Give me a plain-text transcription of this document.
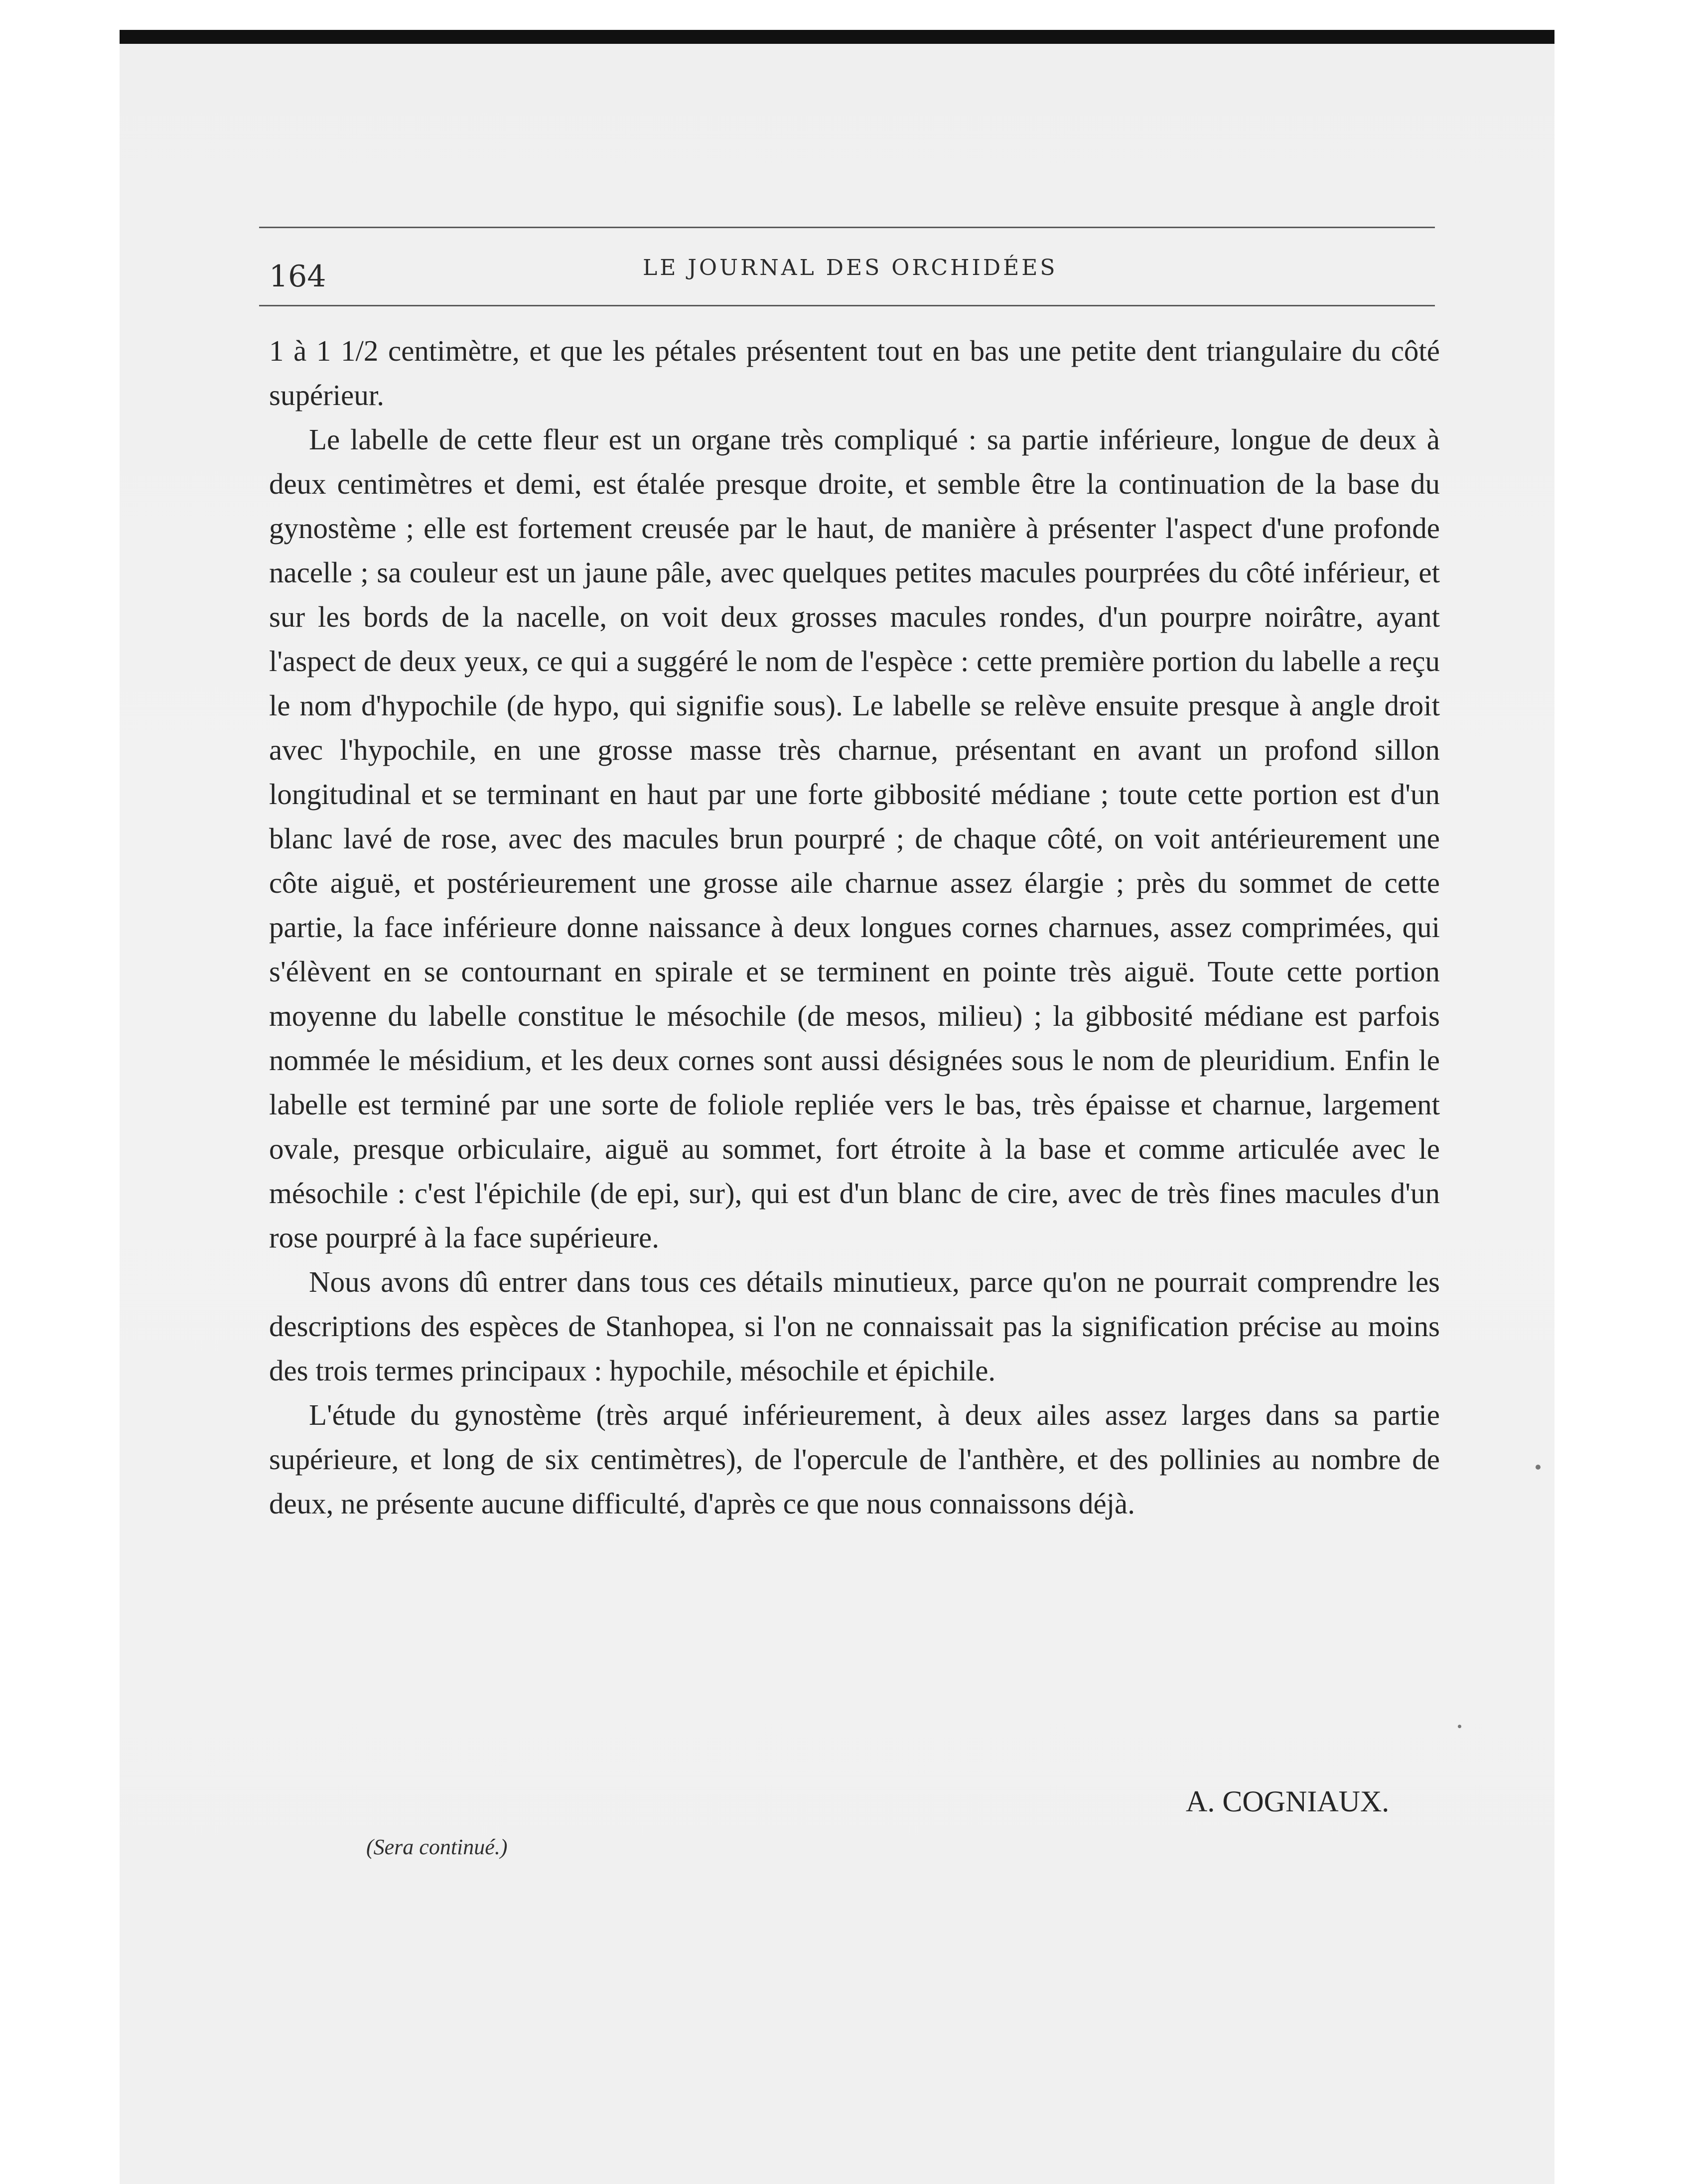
164	LE JOURNAL DES ORCHIDÉES

1 à 1 1/2 centimètre, et que les pétales présentent tout en bas une petite dent triangulaire du côté supérieur.

Le labelle de cette fleur est un organe très compliqué : sa partie inférieure, longue de deux à deux centimètres et demi, est étalée presque droite, et semble être la continuation de la base du gynostème ; elle est fortement creusée par le haut, de manière à présenter l'aspect d'une profonde nacelle ; sa couleur est un jaune pâle, avec quelques petites macules pourprées du côté inférieur, et sur les bords de la nacelle, on voit deux grosses macules rondes, d'un pourpre noirâtre, ayant l'aspect de deux yeux, ce qui a suggéré le nom de l'espèce : cette première portion du labelle a reçu le nom d'hypochile (de hypo, qui signifie sous). Le labelle se relève ensuite presque à angle droit avec l'hypochile, en une grosse masse très charnue, présentant en avant un profond sillon longitudinal et se terminant en haut par une forte gibbosité médiane ; toute cette portion est d'un blanc lavé de rose, avec des macules brun pourpré ; de chaque côté, on voit antérieurement une côte aiguë, et postérieurement une grosse aile charnue assez élargie ; près du sommet de cette partie, la face inférieure donne naissance à deux longues cornes charnues, assez comprimées, qui s'élèvent en se contournant en spirale et se terminent en pointe très aiguë. Toute cette portion moyenne du labelle constitue le mésochile (de mesos, milieu) ; la gibbosité médiane est parfois nommée le mésidium, et les deux cornes sont aussi désignées sous le nom de pleuridium. Enfin le labelle est terminé par une sorte de foliole repliée vers le bas, très épaisse et charnue, largement ovale, presque orbiculaire, aiguë au sommet, fort étroite à la base et comme articulée avec le mésochile : c'est l'épichile (de epi, sur), qui est d'un blanc de cire, avec de très fines macules d'un rose pourpré à la face supérieure.

Nous avons dû entrer dans tous ces détails minutieux, parce qu'on ne pourrait comprendre les descriptions des espèces de Stanhopea, si l'on ne connaissait pas la signification précise au moins des trois termes principaux : hypochile, mésochile et épichile.

L'étude du gynostème (très arqué inférieurement, à deux ailes assez larges dans sa partie supérieure, et long de six centimètres), de l'opercule de l'anthère, et des pollinies au nombre de deux, ne présente aucune difficulté, d'après ce que nous connaissons déjà.

A. COGNIAUX.
(Sera continué.)
